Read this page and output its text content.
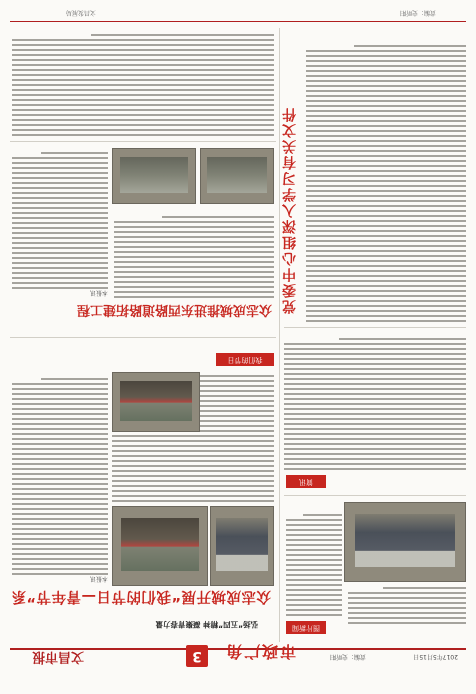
文昌市报	3	市政广角	责编：史昕阳	2017年5月15日
弘扬“五四”精神 凝聚青春力量
众志成城开展“我们的节日—青年节”系
本报讯
我们的节日
众志成城推进东西路道路拓建工程
本报讯
图片新闻
简讯
党委中心组深入学习有关文件
文昌发展局	责编：史昕阳
